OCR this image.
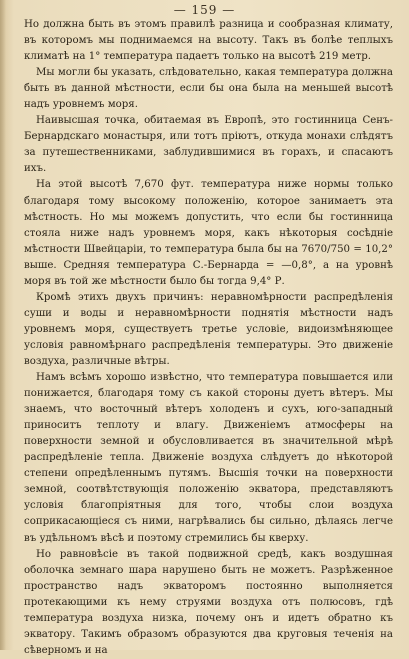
— 159 —

Но должна быть въ этомъ правилѣ разница и сообразная климату, въ которомъ мы поднимаемся на высоту. Такъ въ болѣе теплыхъ климатѣ на 1° температура падаетъ только на высотѣ 219 метр.

Мы могли бы указать, слѣдовательно, какая температура должна быть въ данной мѣстности, если бы она была на меньшей высотѣ надъ уровнемъ моря.

Наивысшая точка, обитаемая въ Европѣ, это гостинница Сенъ-Бернардскаго монастыря, или тотъ пріютъ, откуда монахи слѣдятъ за путешественниками, заблудившимися въ горахъ, и спасаютъ ихъ.

На этой высотѣ 7,670 фут. температура ниже нормы только благодаря тому высокому положенію, которое занимаетъ эта мѣстность. Но мы можемъ допустить, что если бы гостинница стояла ниже надъ уровнемъ моря, какъ нѣкоторыя сосѣдніе мѣстности Швейцаріи, то температура была бы на 7670/750 = 10,2° выше. Средняя температура С.-Бернарда = —0,8°, а на уровнѣ моря въ той же мѣстности было бы тогда 9,4° Р.

Кромѣ этихъ двухъ причинъ: неравномѣрности распредѣленія суши и воды и неравномѣрности поднятія мѣстности надъ уровнемъ моря, существуетъ третье условіе, видоизмѣняющее условія равномѣрнаго распредѣленія температуры. Это движеніе воздуха, различные вѣтры.

Намъ всѣмъ хорошо извѣстно, что температура повышается или понижается, благодаря тому съ какой стороны дуетъ вѣтеръ. Мы знаемъ, что восточный вѣтеръ холоденъ и сухъ, юго-западный приноситъ теплоту и влагу. Движеніемъ атмосферы на поверхности земной и обусловливается въ значительной мѣрѣ распредѣленіе тепла. Движеніе воздуха слѣдуетъ до нѣкоторой степени опредѣленнымъ путямъ. Высшія точки на поверхности земной, соотвѣтствующія положенію экватора, представляютъ условія благопріятныя для того, чтобы слои воздуха соприкасающіеся съ ними, нагрѣвались бы сильно, дѣлаясь легче въ удѣльномъ вѣсѣ и поэтому стремились бы кверху.

Но равновѣсіе въ такой подвижной средѣ, какъ воздушная оболочка земнаго шара нарушено быть не можетъ. Разрѣженное пространство надъ экваторомъ постоянно выполняется протекающими къ нему струями воздуха отъ полюсовъ, гдѣ температура воздуха низка, почему онъ и идетъ обратно къ экватору. Такимъ образомъ образуются два круговыя теченія на сѣверномъ и на
